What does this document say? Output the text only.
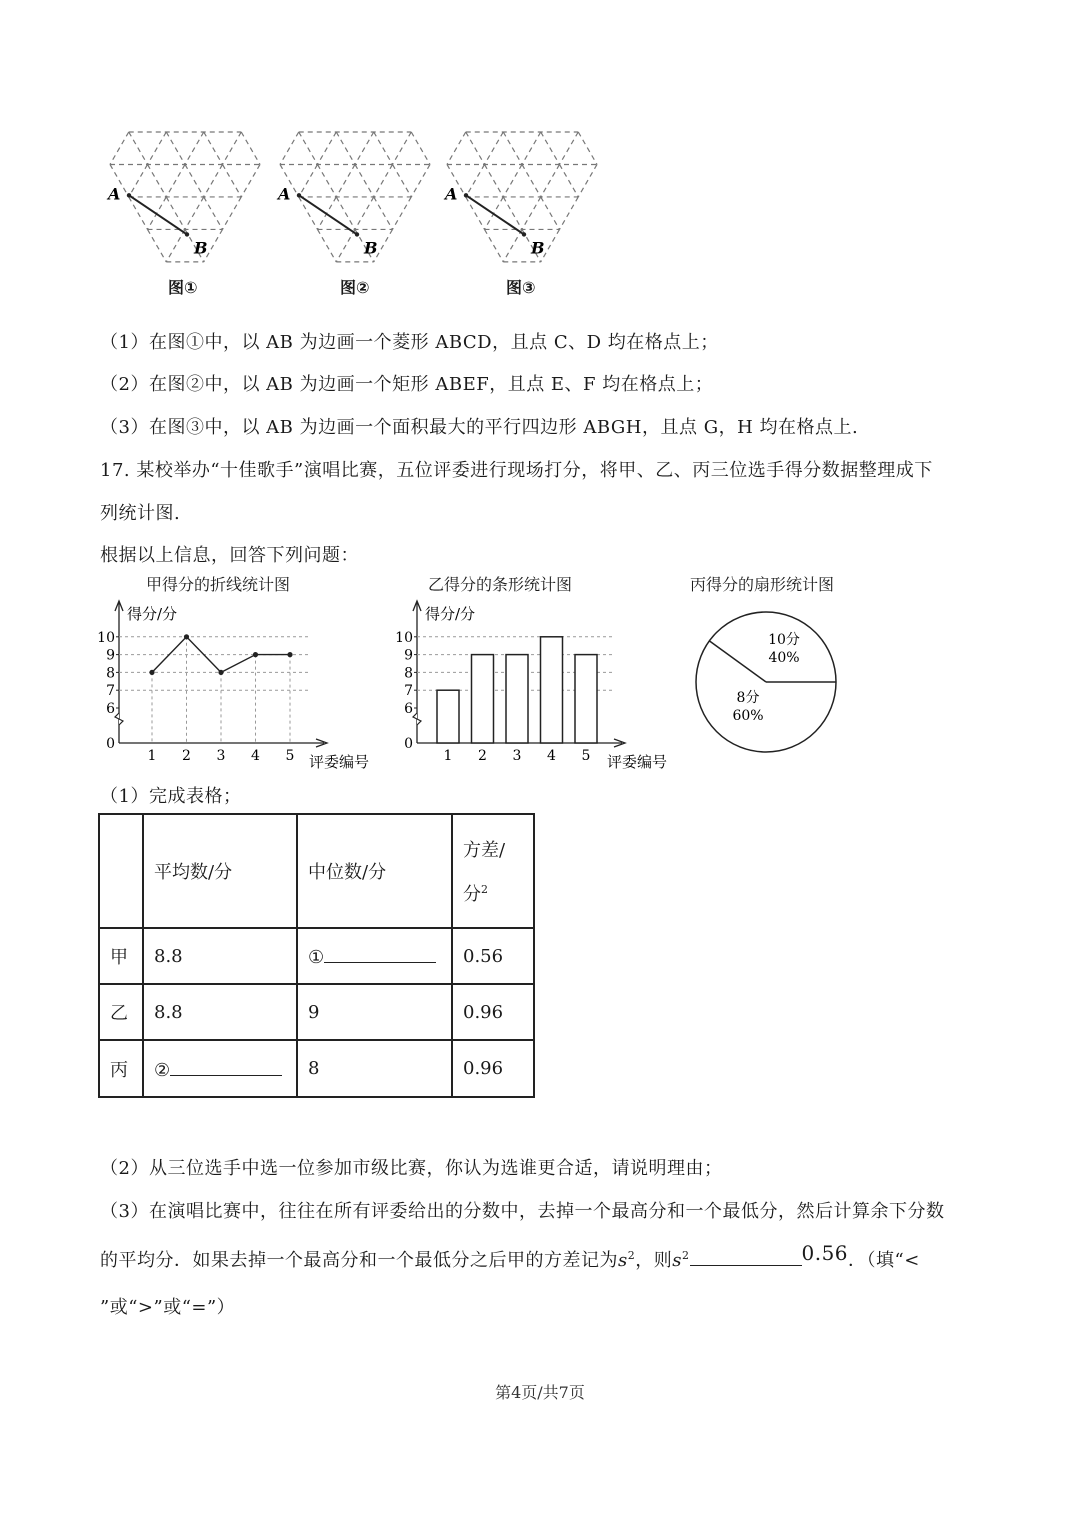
A
B
A
B
A
B
图①	图②	图③
（1）在图①中，以 AB 为边画一个菱形 ABCD，且点 C、D 均在格点上；
（2）在图②中，以 AB 为边画一个矩形 ABEF，且点 E、F 均在格点上；
（3）在图③中，以 AB 为边画一个面积最大的平行四边形 ABGH，且点 G，H 均在格点上.
17. 某校举办“十佳歌手”演唱比赛，五位评委进行现场打分，将甲、乙、丙三位选手得分数据整理成下
列统计图.
根据以上信息，回答下列问题：
甲得分的折线统计图	乙得分的条形统计图	丙得分的扇形统计图
得分/分
评委编号
0
6
7
8
9
10
1 2 3 4 5
得分/分
评委编号
0
6
7
8
9
10
1 2 3 4 5
10分
40%
8分
60%
（1）完成表格；
	平均数/分	中位数/分	方差/
分$^2$

甲	8.8	①	0.56
乙	8.8	9	0.96
丙	②	8	0.96
（2）从三位选手中选一位参加市级比赛，你认为选谁更合适，请说明理由；
（3）在演唱比赛中，往往在所有评委给出的分数中，去掉一个最高分和一个最低分，然后计算余下分数
的平均分．如果去掉一个最高分和一个最低分之后甲的方差记为$s^2$，则$s^2$	0.56．（填“<
”或“>”或“=”）
第4页/共7页
